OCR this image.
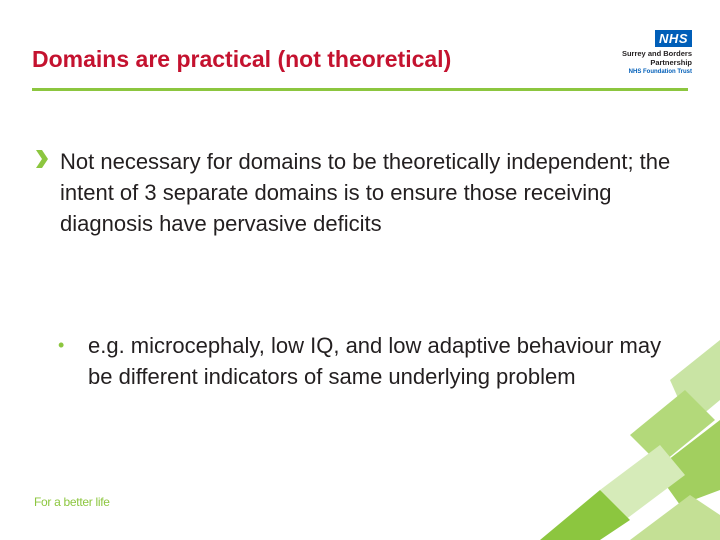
Domains are practical (not theoretical)
NHS
Surrey and Borders
Partnership
NHS Foundation Trust
Not necessary for domains to be theoretically independent; the intent of 3 separate domains is to ensure those receiving diagnosis have pervasive deficits
• e.g. microcephaly, low IQ, and low adaptive behaviour may be different indicators of same underlying problem
For a better life
